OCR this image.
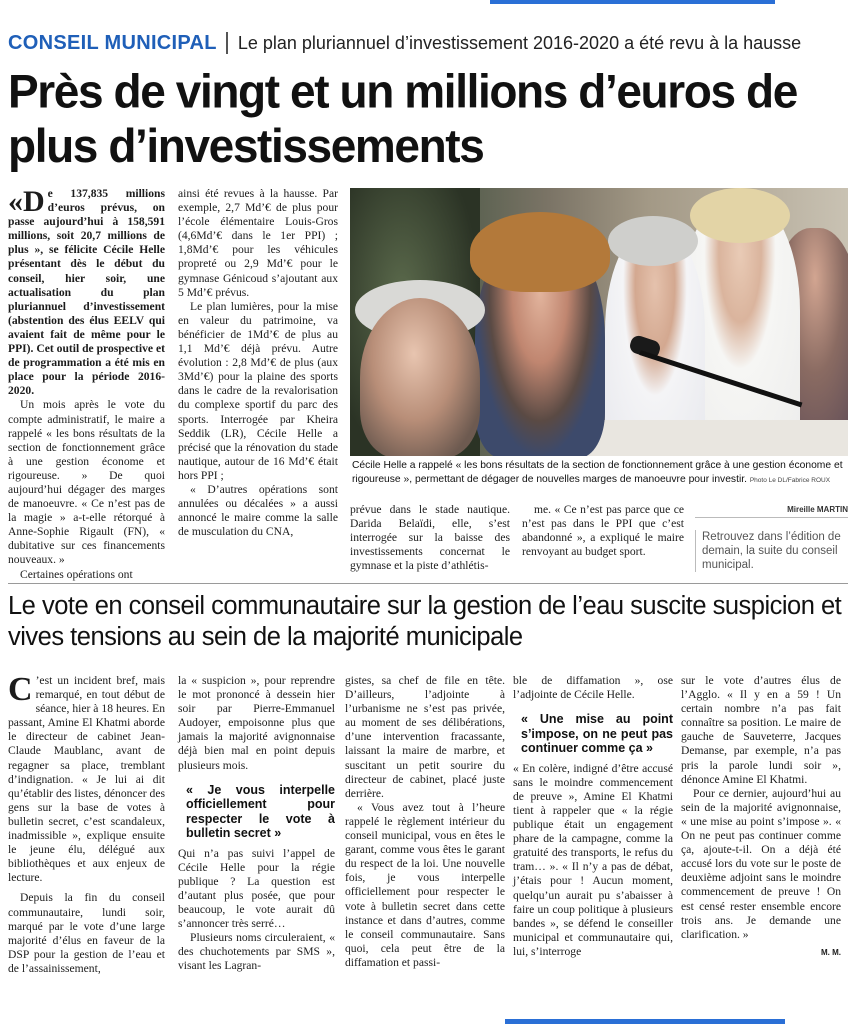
CONSEIL MUNICIPAL Le plan pluriannuel d’investissement 2016-2020 a été revu à la hausse
Près de vingt et un millions d’euros de plus d’investissements

«De 137,835 millions d’euros prévus, on passe aujourd’hui à 158,591 millions, soit 20,7 millions de plus », se félicite Cécile Helle présentant dès le début du conseil, hier soir, une actualisation du plan pluriannuel d’investissement (abstention des élus EELV qui avaient fait de même pour le PPI). Cet outil de prospective et de programmation a été mis en place pour la période 2016-2020.

Un mois après le vote du compte administratif, le maire a rappelé « les bons résultats de la section de fonctionnement grâce à une gestion économe et rigoureuse. » De quoi aujourd’hui dégager des marges de manoeuvre. « Ce n’est pas de la magie » a-t-elle rétorqué à Anne-Sophie Rigault (FN), « dubitative sur ces financements nouveaux. »

Certaines opérations ont

ainsi été revues à la hausse. Par exemple, 2,7 Md’€ de plus pour l’école élémentaire Louis-Gros (4,6Md’€ dans le 1er PPI) ; 1,8Md’€ pour les véhicules propreté ou 2,9 Md’€ pour le gymnase Génicoud s’ajoutant aux 5 Md’€ prévus.

Le plan lumières, pour la mise en valeur du patrimoine, va bénéficier de 1Md’€ de plus au 1,1 Md’€ déjà prévu. Autre évolution : 2,8 Md’€ de plus (aux 3Md’€) pour la plaine des sports dans le cadre de la revalorisation du complexe sportif du parc des sports. Interrogée par Kheira Seddik (LR), Cécile Helle a précisé que la rénovation du stade nautique, autour de 16 Md’€ était hors PPI ;

« D’autres opérations sont annulées ou décalées » a aussi annoncé le maire comme la salle de musculation du CNA,

Cécile Helle a rappelé « les bons résultats de la section de fonctionnement grâce à une gestion économe et rigoureuse », permettant de dégager de nouvelles marges de manoeuvre pour investir. Photo Le DL/Fabrice ROUX

prévue dans le stade nautique. Darida Belaïdi, elle, s’est interrogée sur la baisse des investissements concernat le gymnase et la piste d’athlétis-

me. « Ce n’est pas parce que ce n’est pas dans le PPI que c’est abandonné », a expliqué le maire renvoyant au budget sport.

Mireille MARTIN
Retrouvez dans l’édition de demain, la suite du conseil municipal.
Le vote en conseil communautaire sur la gestion de l’eau suscite suspicion et vives tensions au sein de la majorité municipale

C ’est un incident bref, mais remarqué, en tout début de séance, hier à 18 heures. En passant, Amine El Khatmi aborde le directeur de cabinet Jean-Claude Maublanc, avant de regagner sa place, tremblant d’indignation. « Je lui ai dit qu’établir des listes, dénoncer des gens sur la base de votes à bulletin secret, c’est scandaleux, inadmissible », explique ensuite le jeune élu, délégué aux bibliothèques et aux enjeux de lecture.

Depuis la fin du conseil communautaire, lundi soir, marqué par le vote d’une large majorité d’élus en faveur de la DSP pour la gestion de l’eau et de l’assainissement,

la « suspicion », pour reprendre le mot prononcé à dessein hier soir par Pierre-Emmanuel Audoyer, empoisonne plus que jamais la majorité avignonnaise déjà bien mal en point depuis plusieurs mois.

« Je vous interpelle officiellement pour respecter le vote à bulletin secret »

Qui n’a pas suivi l’appel de Cécile Helle pour la régie publique ? La question est d’autant plus posée, que pour beaucoup, le vote aurait dû s’annoncer très serré…

Plusieurs noms circuleraient, « des chuchotements par SMS », visant les Lagran-

gistes, sa chef de file en tête. D’ailleurs, l’adjointe à l’urbanisme ne s’est pas privée, au moment de ses délibérations, d’une intervention fracassante, laissant la maire de marbre, et suscitant un petit sourire du directeur de cabinet, placé juste derrière.

« Vous avez tout à l’heure rappelé le règlement intérieur du conseil municipal, vous en êtes le garant, comme vous êtes le garant du respect de la loi. Une nouvelle fois, je vous interpelle officiellement pour respecter le vote à bulletin secret dans cette instance et dans d’autres, comme le conseil communautaire. Sans quoi, cela peut être de la diffamation et passi-

ble de diffamation », ose l’adjointe de Cécile Helle.

« Une mise au point s’impose, on ne peut pas continuer comme ça »

« En colère, indigné d’être accusé sans le moindre commencement de preuve », Amine El Khatmi tient à rappeler que « la régie publique était un engagement phare de la campagne, comme la gratuité des transports, le refus du tram… ». « Il n’y a pas de débat, j’étais pour ! Aucun moment, quelqu’un aurait pu s’abaisser à faire un coup politique à plusieurs bandes », se défend le conseiller municipal et communautaire qui, lui, s’interroge

sur le vote d’autres élus de l’Agglo. « Il y en a 59 ! Un certain nombre n’a pas fait connaître sa position. Le maire de gauche de Sauveterre, Jacques Demanse, par exemple, n’a pas pris la parole lundi soir », dénonce Amine El Khatmi.

Pour ce dernier, aujourd’hui au sein de la majorité avignonnaise, « une mise au point s’impose ». « On ne peut pas continuer comme ça, ajoute-t-il. On a déjà été accusé lors du vote sur le poste de deuxième adjoint sans le moindre commencement de preuve ! On est censé rester ensemble encore trois ans. Je demande une clarification. »

M. M.
